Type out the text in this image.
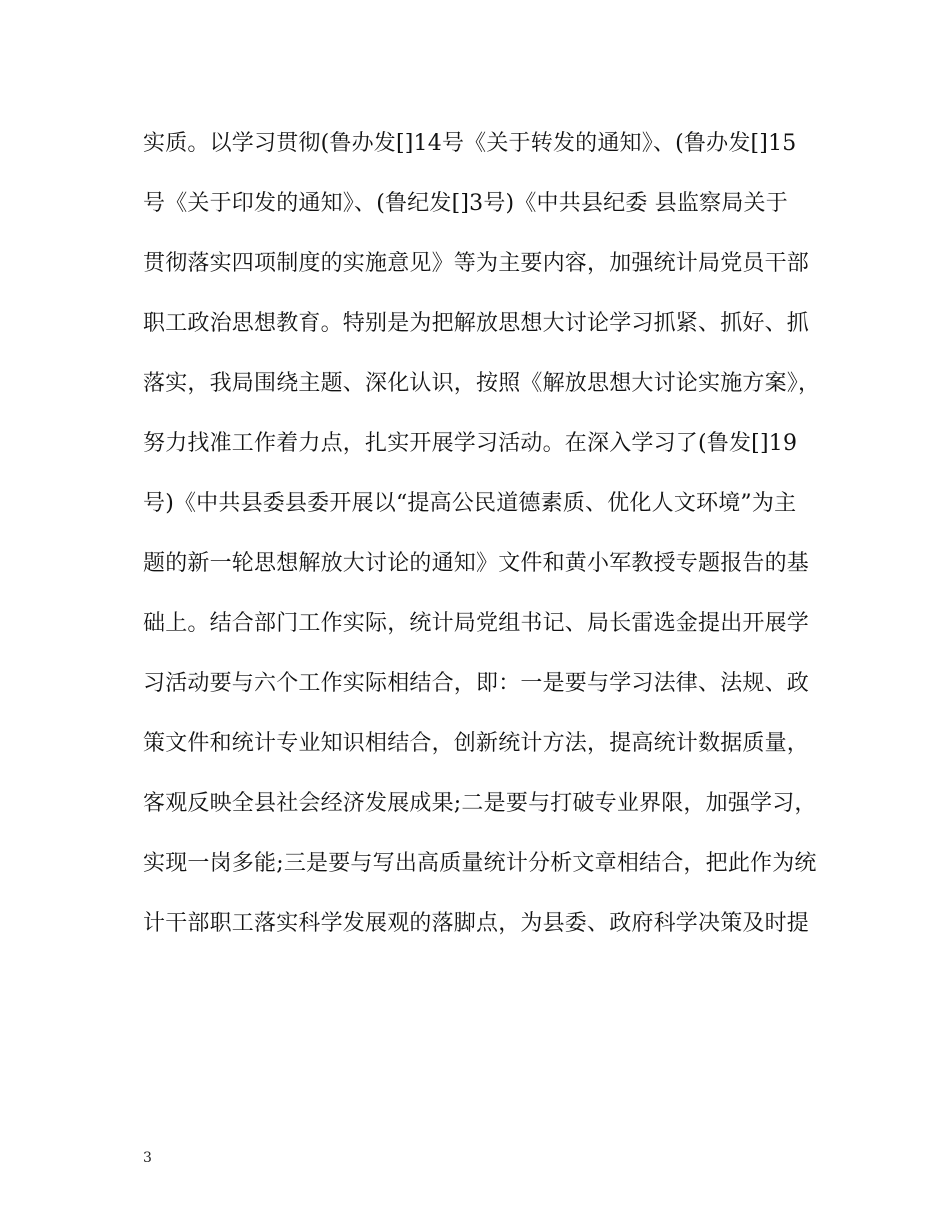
实质。以学习贯彻(鲁办发[]14号《关于转发的通知》、(鲁办发[]15
号《关于印发的通知》、(鲁纪发[]3号)《中共县纪委 县监察局关于
贯彻落实四项制度的实施意见》等为主要内容，加强统计局党员干部
职工政治思想教育。特别是为把解放思想大讨论学习抓紧、抓好、抓
落实，我局围绕主题、深化认识，按照《解放思想大讨论实施方案》，
努力找准工作着力点，扎实开展学习活动。在深入学习了(鲁发[]19
号)《中共县委县委开展以“提高公民道德素质、优化人文环境”为主
题的新一轮思想解放大讨论的通知》文件和黄小军教授专题报告的基
础上。结合部门工作实际，统计局党组书记、局长雷选金提出开展学
习活动要与六个工作实际相结合，即：一是要与学习法律、法规、政
策文件和统计专业知识相结合，创新统计方法，提高统计数据质量，
客观反映全县社会经济发展成果;二是要与打破专业界限，加强学习，
实现一岗多能;三是要与写出高质量统计分析文章相结合，把此作为统
计干部职工落实科学发展观的落脚点，为县委、政府科学决策及时提
3
